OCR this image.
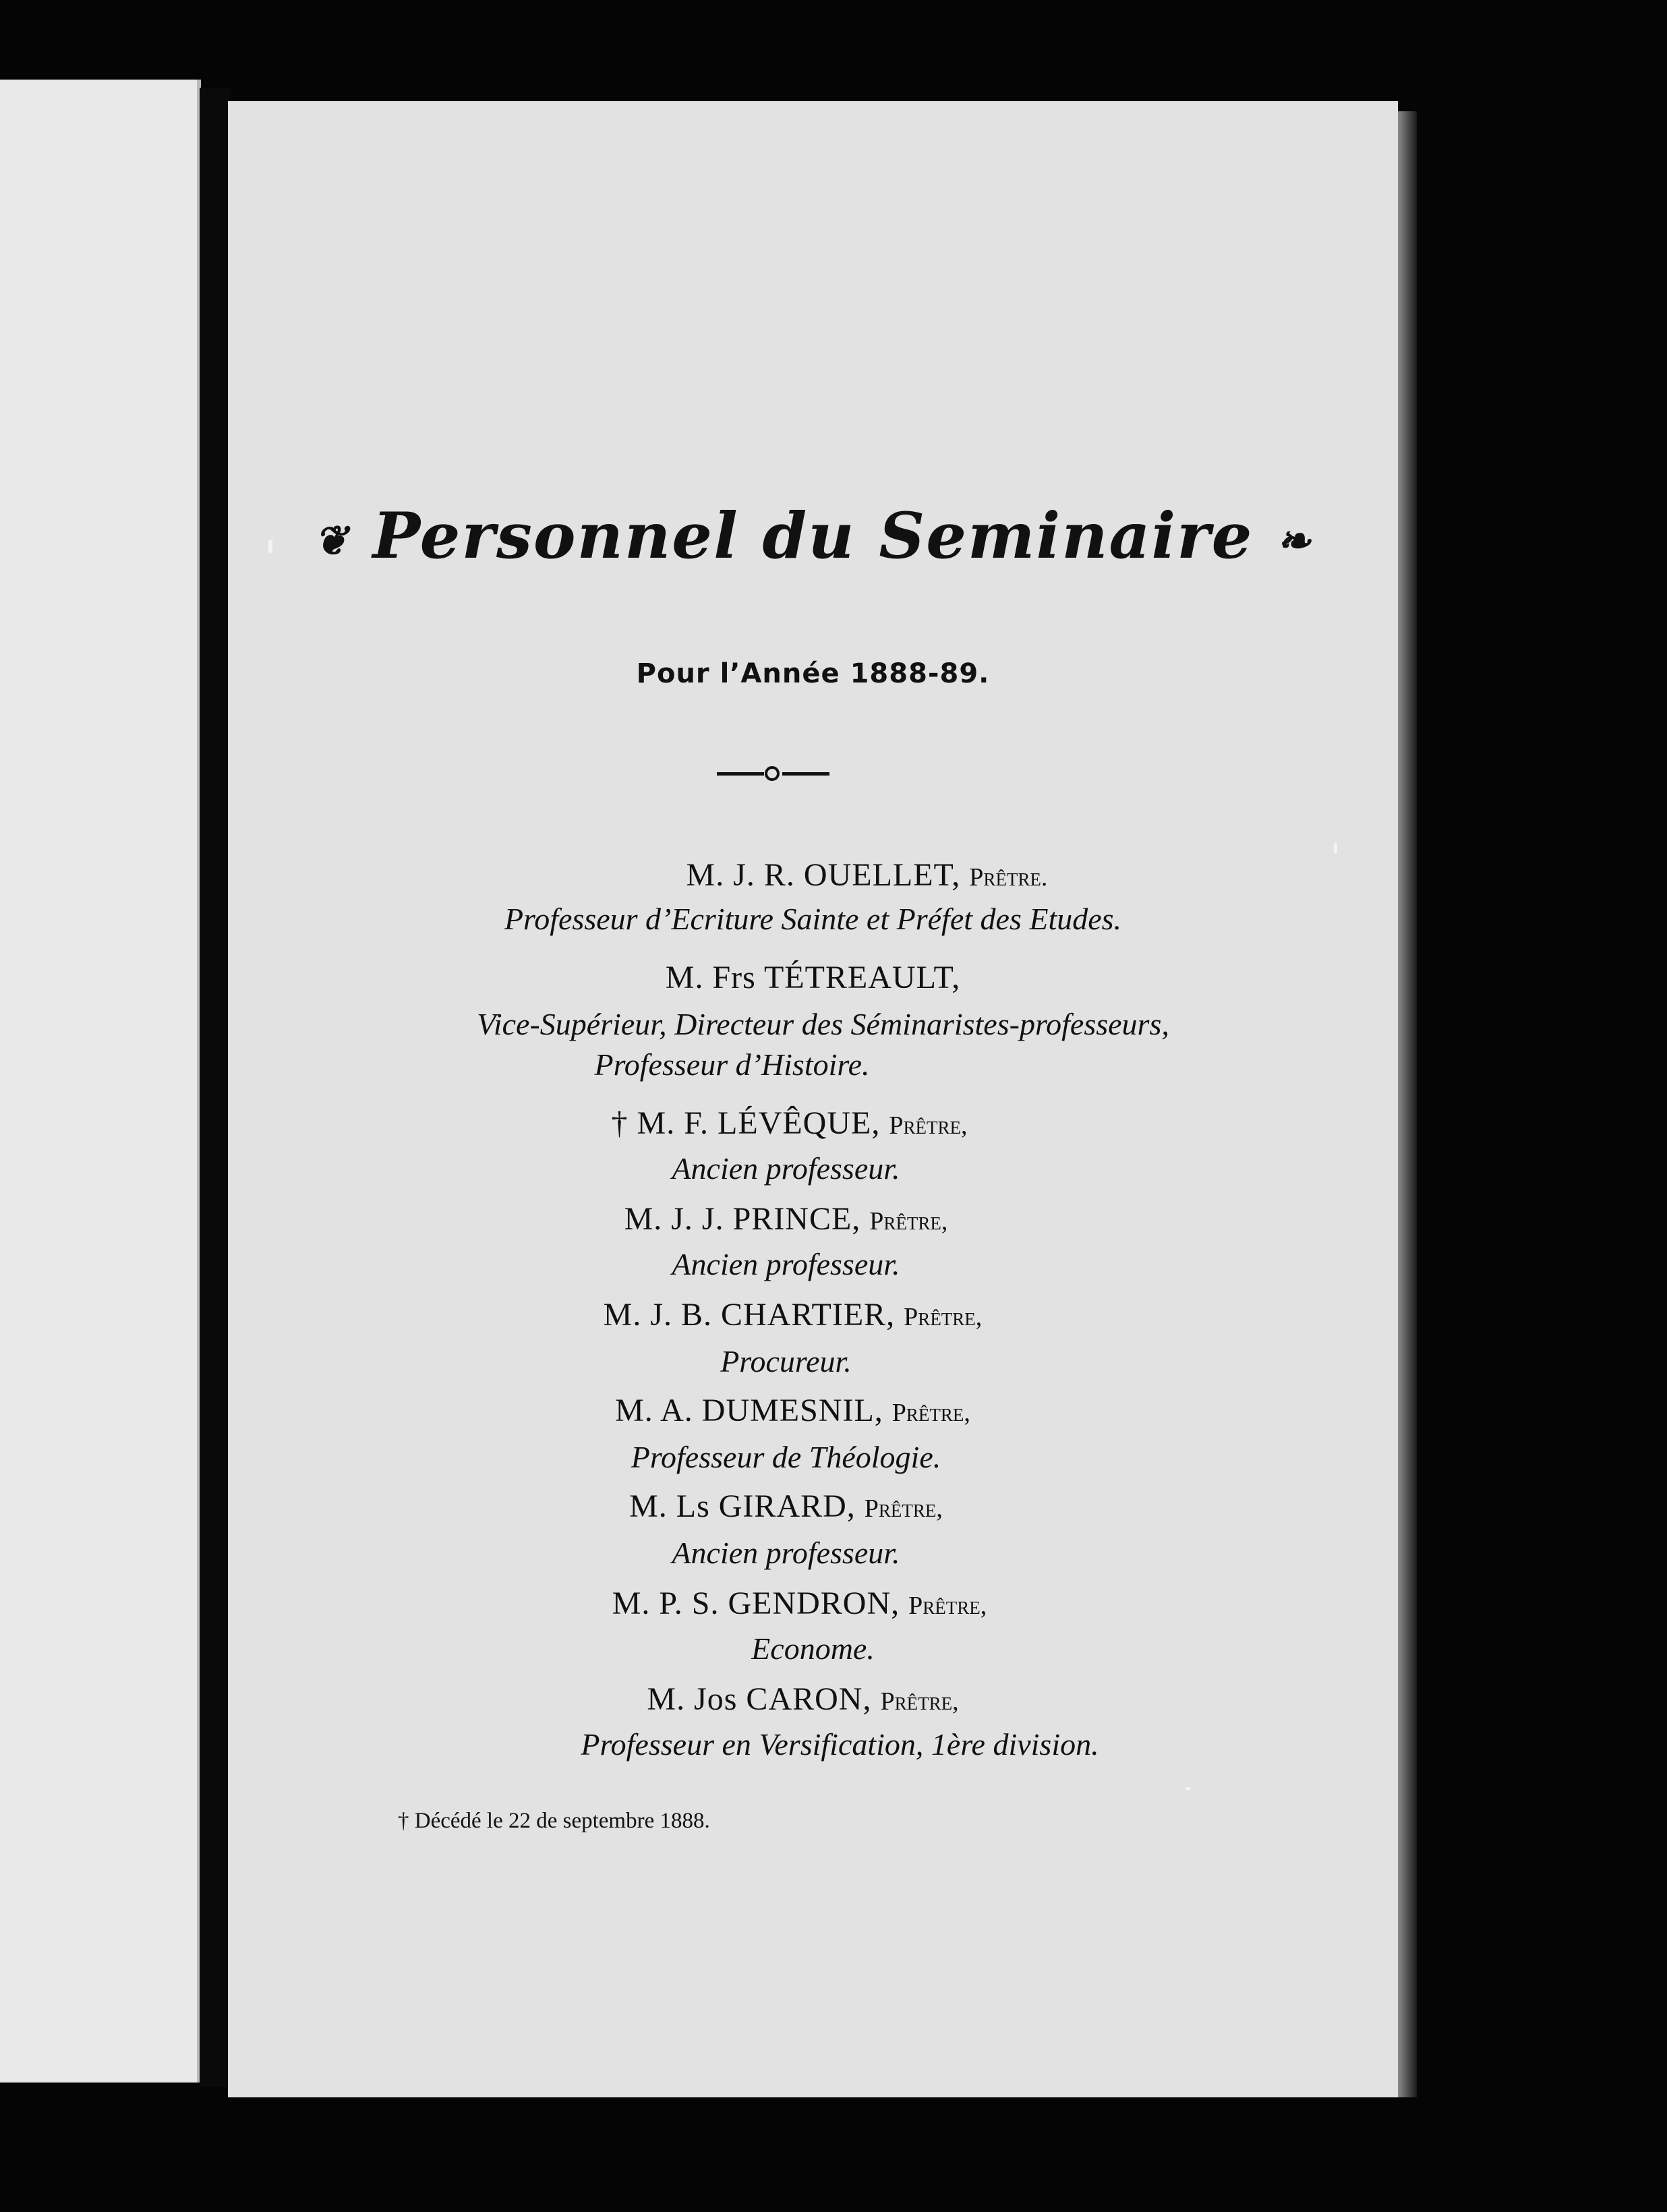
❦ Personnel du Seminaire ❧
Pour l’Année 1888-89.
M. J. R. OUELLET, Prêtre.
Professeur d’Ecriture Sainte et Préfet des Etudes.
M. Frs TÉTREAULT,
Vice-Supérieur, Directeur des Séminaristes-professeurs,
Professeur d’Histoire.
† M. F. LÉVÊQUE, Prêtre,
Ancien professeur.
M. J. J. PRINCE, Prêtre,
Ancien professeur.
M. J. B. CHARTIER, Prêtre,
Procureur.
M. A. DUMESNIL, Prêtre,
Professeur de Théologie.
M. Ls GIRARD, Prêtre,
Ancien professeur.
M. P. S. GENDRON, Prêtre,
Econome.
M. Jos CARON, Prêtre,
Professeur en Versification, 1ère division.
† Décédé le 22 de septembre 1888.
